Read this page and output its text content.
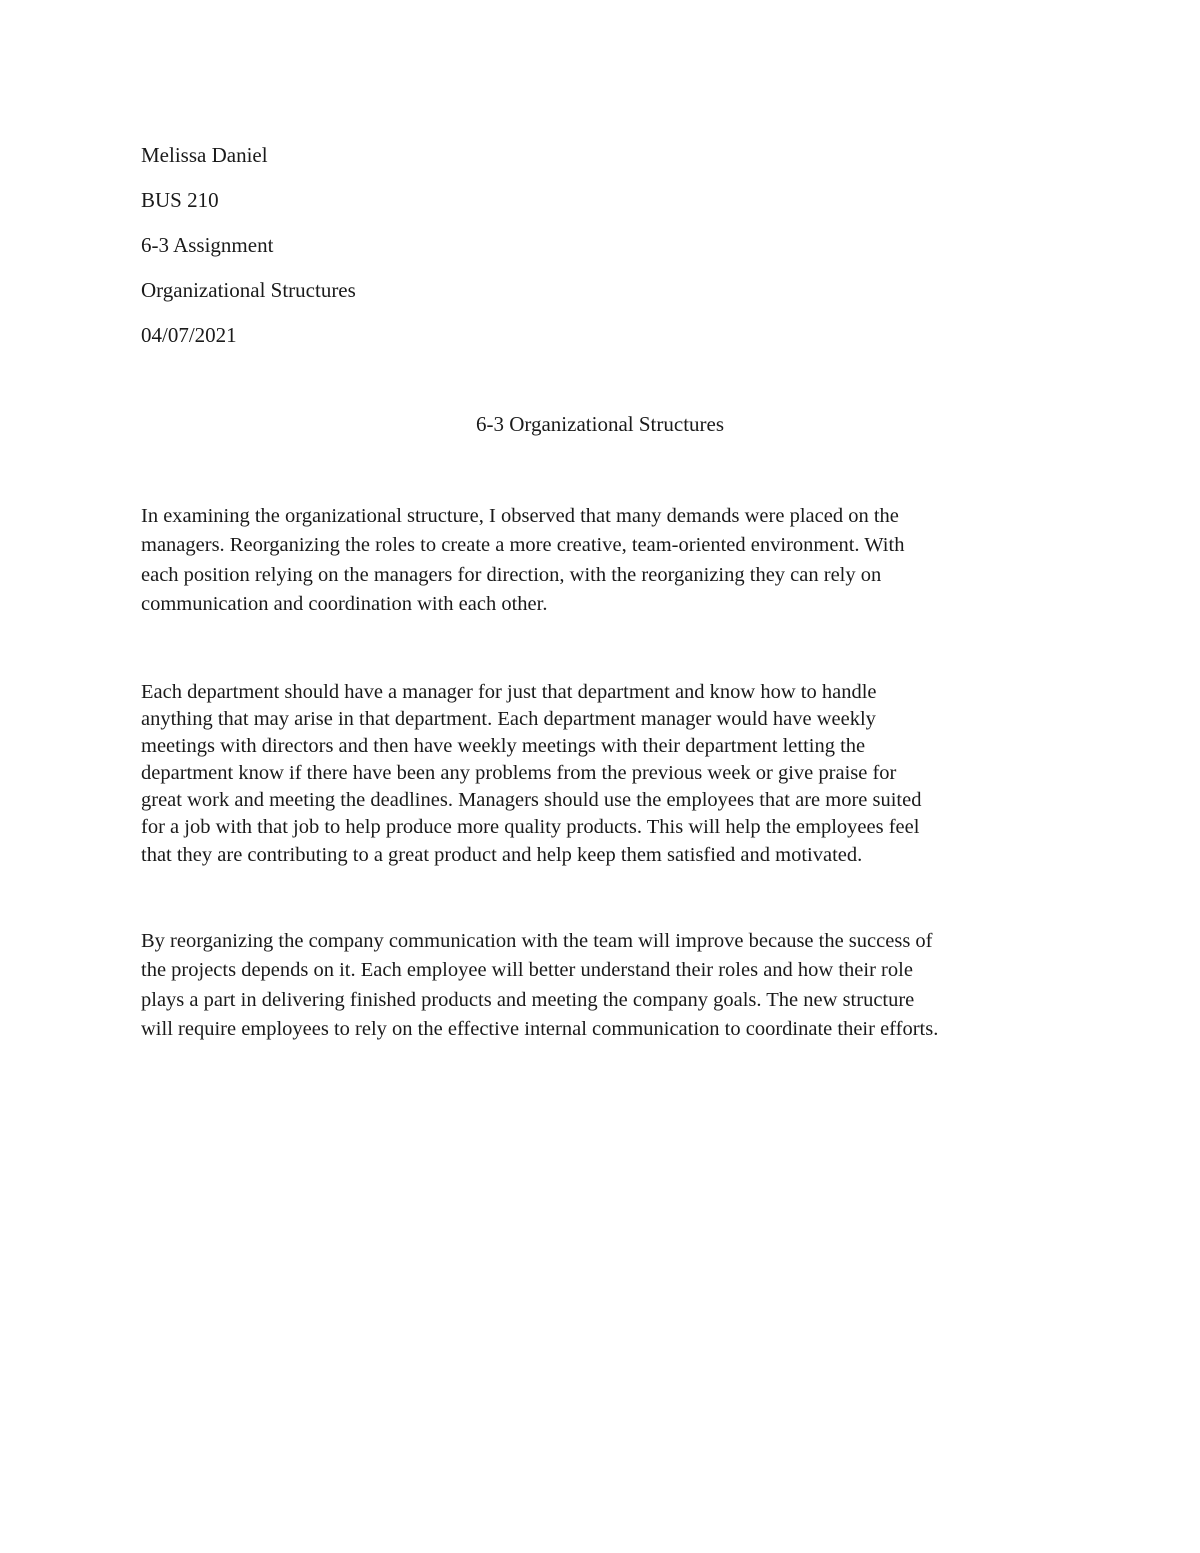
Melissa Daniel
BUS 210
6-3 Assignment
Organizational Structures
04/07/2021
6-3 Organizational Structures

In examining the organizational structure, I observed that many demands were placed on the
managers. Reorganizing the roles to create a more creative, team-oriented environment. With
each position relying on the managers for direction, with the reorganizing they can rely on
communication and coordination with each other.

Each department should have a manager for just that department and know how to handle
anything that may arise in that department. Each department manager would have weekly
meetings with directors and then have weekly meetings with their department letting the
department know if there have been any problems from the previous week or give praise for
great work and meeting the deadlines. Managers should use the employees that are more suited
for a job with that job to help produce more quality products. This will help the employees feel
that they are contributing to a great product and help keep them satisfied and motivated.

By reorganizing the company communication with the team will improve because the success of
the projects depends on it. Each employee will better understand their roles and how their role
plays a part in delivering finished products and meeting the company goals. The new structure
will require employees to rely on the effective internal communication to coordinate their efforts.
